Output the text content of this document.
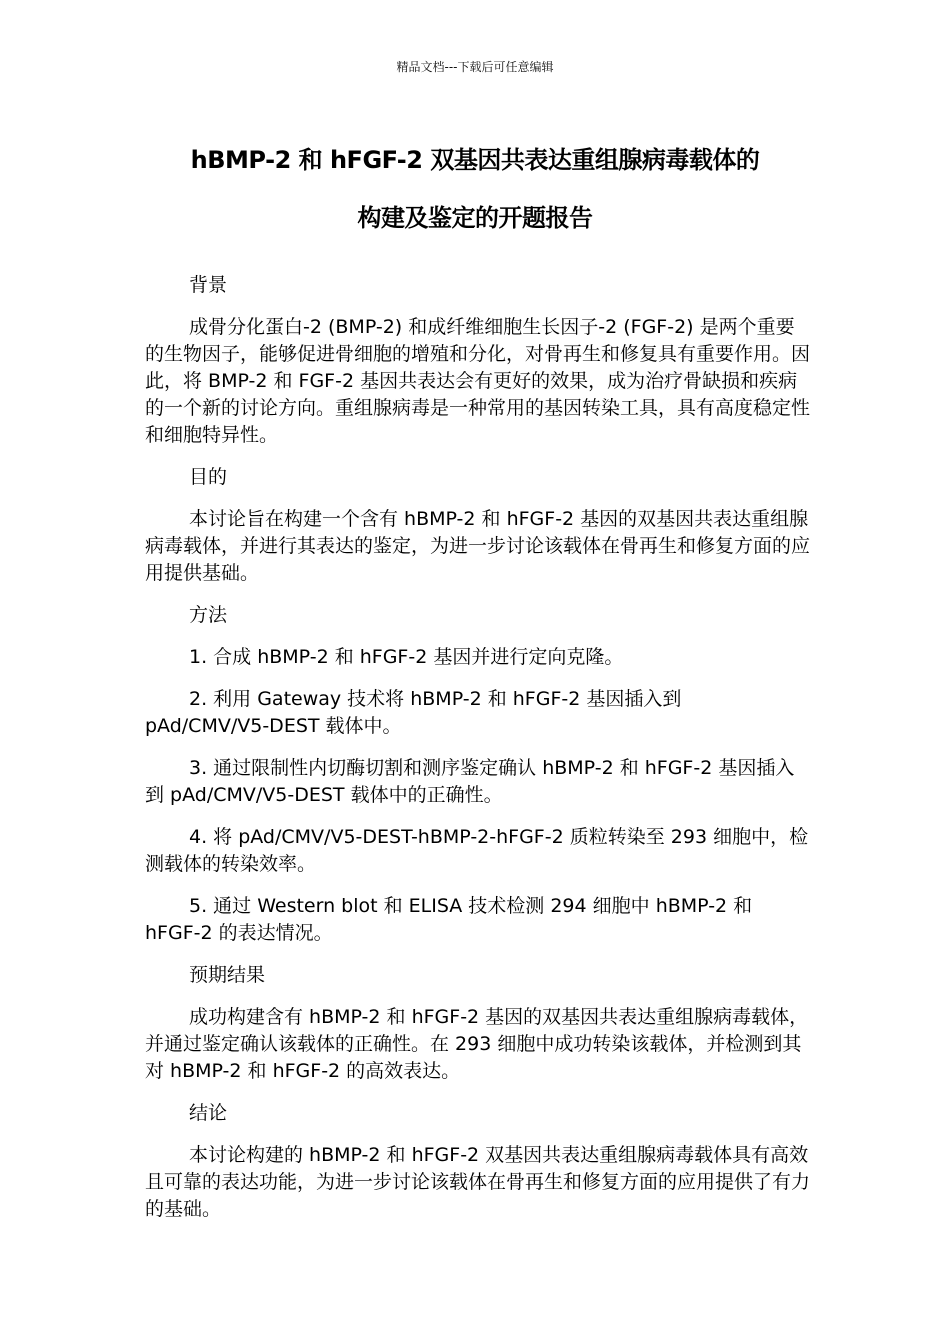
精品文档---下载后可任意编辑
hBMP-2 和 hFGF-2 双基因共表达重组腺病毒载体的
构建及鉴定的开题报告

背景

成骨分化蛋白-2 (BMP-2) 和成纤维细胞生长因子-2 (FGF-2) 是两个重要的生物因子，能够促进骨细胞的增殖和分化，对骨再生和修复具有重要作用。因此，将 BMP-2 和 FGF-2 基因共表达会有更好的效果，成为治疗骨缺损和疾病的一个新的讨论方向。重组腺病毒是一种常用的基因转染工具，具有高度稳定性和细胞特异性。

目的

本讨论旨在构建一个含有 hBMP-2 和 hFGF-2 基因的双基因共表达重组腺病毒载体，并进行其表达的鉴定，为进一步讨论该载体在骨再生和修复方面的应用提供基础。

方法

1. 合成 hBMP-2 和 hFGF-2 基因并进行定向克隆。

2. 利用 Gateway 技术将 hBMP-2 和 hFGF-2 基因插入到 pAd/CMV/V5-DEST 载体中。

3. 通过限制性内切酶切割和测序鉴定确认 hBMP-2 和 hFGF-2 基因插入到 pAd/CMV/V5-DEST 载体中的正确性。

4. 将 pAd/CMV/V5-DEST-hBMP-2-hFGF-2 质粒转染至 293 细胞中，检测载体的转染效率。

5. 通过 Western blot 和 ELISA 技术检测 294 细胞中 hBMP-2 和 hFGF-2 的表达情况。

预期结果

成功构建含有 hBMP-2 和 hFGF-2 基因的双基因共表达重组腺病毒载体，并通过鉴定确认该载体的正确性。在 293 细胞中成功转染该载体，并检测到其对 hBMP-2 和 hFGF-2 的高效表达。

结论

本讨论构建的 hBMP-2 和 hFGF-2 双基因共表达重组腺病毒载体具有高效且可靠的表达功能，为进一步讨论该载体在骨再生和修复方面的应用提供了有力的基础。
